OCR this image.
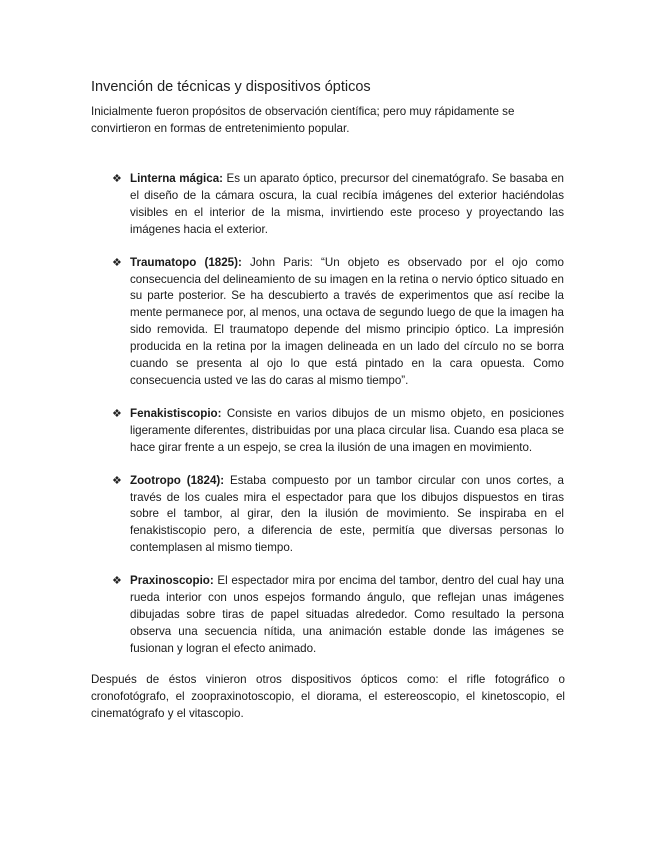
Invención de técnicas y dispositivos ópticos

Inicialmente fueron propósitos de observación científica; pero muy rápidamente se convirtieron en formas de entretenimiento popular.

❖ Linterna mágica: Es un aparato óptico, precursor del cinematógrafo. Se basaba en el diseño de la cámara oscura, la cual recibía imágenes del exterior haciéndolas visibles en el interior de la misma, invirtiendo este proceso y proyectando las imágenes hacia el exterior.

❖ Traumatopo (1825): John Paris: “Un objeto es observado por el ojo como consecuencia del delineamiento de su imagen en la retina o nervio óptico situado en su parte posterior. Se ha descubierto a través de experimentos que así recibe la mente permanece por, al menos, una octava de segundo luego de que la imagen ha sido removida. El traumatopo depende del mismo principio óptico. La impresión producida en la retina por la imagen delineada en un lado del círculo no se borra cuando se presenta al ojo lo que está pintado en la cara opuesta. Como consecuencia usted ve las do caras al mismo tiempo”.

❖ Fenakistiscopio: Consiste en varios dibujos de un mismo objeto, en posiciones ligeramente diferentes, distribuidas por una placa circular lisa. Cuando esa placa se hace girar frente a un espejo, se crea la ilusión de una imagen en movimiento.

❖ Zootropo (1824): Estaba compuesto por un tambor circular con unos cortes, a través de los cuales mira el espectador para que los dibujos dispuestos en tiras sobre el tambor, al girar, den la ilusión de movimiento. Se inspiraba en el fenakistiscopio pero, a diferencia de este, permitía que diversas personas lo contemplasen al mismo tiempo.

❖ Praxinoscopio: El espectador mira por encima del tambor, dentro del cual hay una rueda interior con unos espejos formando ángulo, que reflejan unas imágenes dibujadas sobre tiras de papel situadas alrededor. Como resultado la persona observa una secuencia nítida, una animación estable donde las imágenes se fusionan y logran el efecto animado.

Después de éstos vinieron otros dispositivos ópticos como: el rifle fotográfico o cronofotógrafo, el zoopraxinotoscopio, el diorama, el estereoscopio, el kinetoscopio, el cinematógrafo y el vitascopio.
